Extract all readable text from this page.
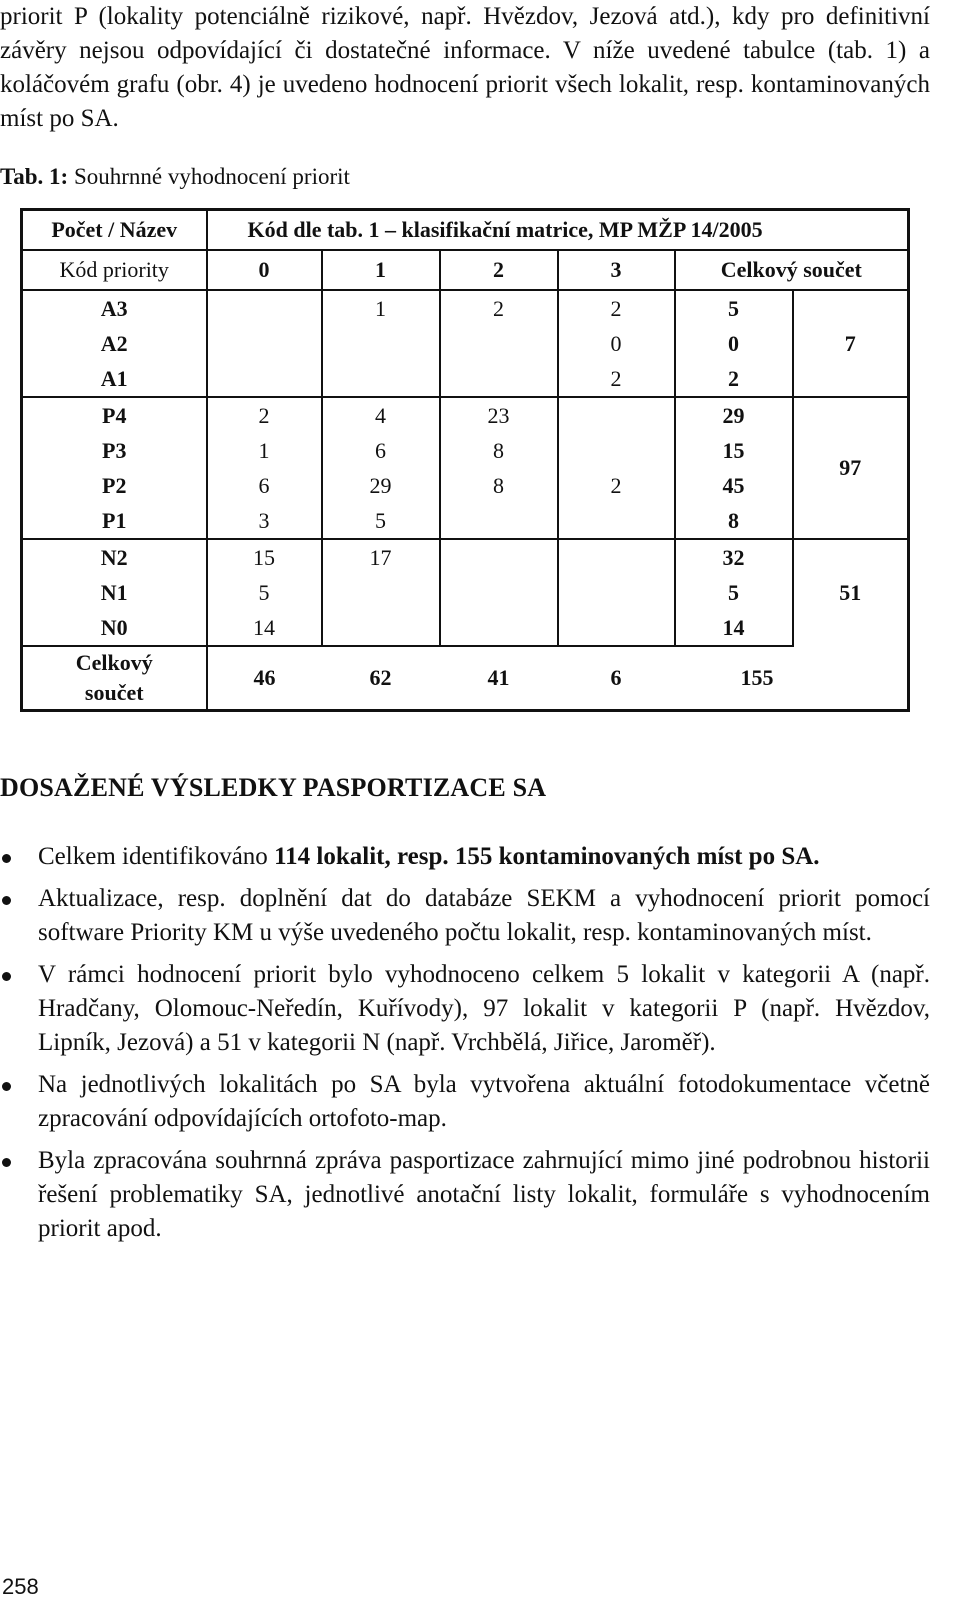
priorit P (lokality potenciálně rizikové, např. Hvězdov, Jezová atd.), kdy pro definitivní závěry nejsou odpovídající či dostatečné informace. V níže uvedené tabulce (tab. 1) a koláčovém grafu (obr. 4) je uvedeno hodnocení priorit všech lokalit, resp. kontaminovaných míst po SA.

Tab. 1: Souhrnné vyhodnocení priorit
Počet / Název	Kód dle tab. 1 – klasifikační matrice, MP MŽP 14/2005					
Kód priority	0	1	2	3	Celkový součet	
A3		1	2	2	5	7
A2				0	0	
A1				2	2	
P4	2	4	23		29	97
P3	1	6	8		15	
P2	6	29	8	2	45	
P1	3	5			8	
N2	15	17			32	51
N1	5				5	
N0	14				14	
Celkový součet	46	62	41	6	155	
DOSAŽENÉ VÝSLEDKY PASPORTIZACE SA
Celkem identifikováno 114 lokalit, resp. 155 kontaminovaných míst po SA.
Aktualizace, resp. doplnění dat do databáze SEKM a vyhodnocení priorit pomocí software Priority KM u výše uvedeného počtu lokalit, resp. kontaminovaných míst.
V rámci hodnocení priorit bylo vyhodnoceno celkem 5 lokalit v kategorii A (např. Hradčany, Olomouc-Neředín, Kuřívody), 97 lokalit v kategorii P (např. Hvězdov, Lipník, Jezová) a 51 v kategorii N (např. Vrchbělá, Jiřice, Jaroměř).
Na jednotlivých lokalitách po SA byla vytvořena aktuální fotodokumentace včetně zpracování odpovídajících ortofoto-map.
Byla zpracována souhrnná zpráva pasportizace zahrnující mimo jiné podrobnou historii řešení problematiky SA, jednotlivé anotační listy lokalit, formuláře s vyhodnocením priorit apod.
258
